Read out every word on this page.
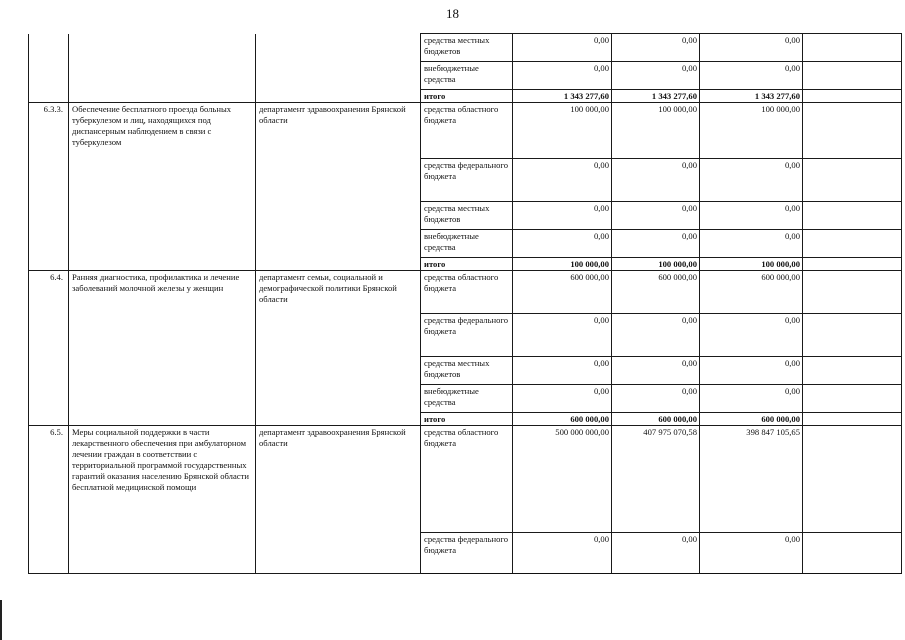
18
			средства местных бюджетов	0,00	0,00	0,00	
			внебюджетные средства	0,00	0,00	0,00	
			итого	1 343 277,60	1 343 277,60	1 343 277,60	
6.3.3.	Обеспечение бесплатного проезда больных туберкулезом и лиц, находящихся под диспансерным наблюдением в связи с туберкулезом	департамент здравоохранения Брянской области	средства областного бюджета	100 000,00	100 000,00	100 000,00	
			средства федерального бюджета	0,00	0,00	0,00	
			средства местных бюджетов	0,00	0,00	0,00	
			внебюджетные средства	0,00	0,00	0,00	
			итого	100 000,00	100 000,00	100 000,00	
6.4.	Ранняя диагностика, профилактика и лечение заболеваний молочной железы у женщин	департамент семьи, социальной и демографической политики Брянской области	средства областного бюджета	600 000,00	600 000,00	600 000,00	
			средства федерального бюджета	0,00	0,00	0,00	
			средства местных бюджетов	0,00	0,00	0,00	
			внебюджетные средства	0,00	0,00	0,00	
			итого	600 000,00	600 000,00	600 000,00	
6.5.	Меры социальной поддержки в части лекарственного обеспечения при амбулаторном лечении граждан в соответствии с территориальной программой государственных гарантий оказания населению Брянской области бесплатной медицинской помощи	департамент здравоохранения Брянской области	средства областного бюджета	500 000 000,00	407 975 070,58	398 847 105,65	
			средства федерального бюджета	0,00	0,00	0,00	
